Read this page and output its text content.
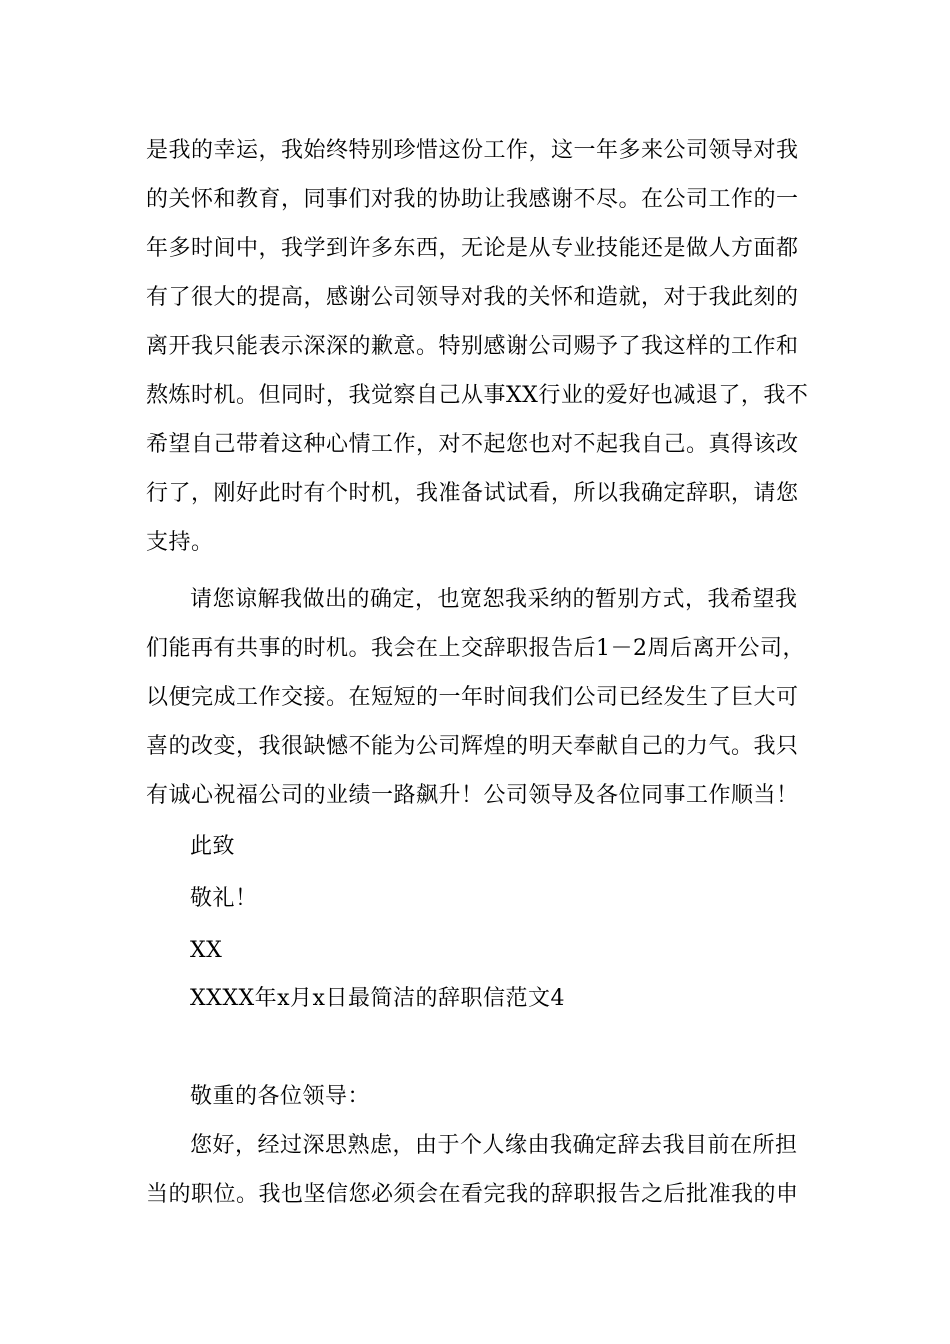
是我的幸运，我始终特别珍惜这份工作，这一年多来公司领导对我
的关怀和教育，同事们对我的协助让我感谢不尽。在公司工作的一
年多时间中，我学到许多东西，无论是从专业技能还是做人方面都
有了很大的提高，感谢公司领导对我的关怀和造就，对于我此刻的
离开我只能表示深深的歉意。特别感谢公司赐予了我这样的工作和
熬炼时机。但同时，我觉察自己从事XX行业的爱好也减退了，我不
希望自己带着这种心情工作，对不起您也对不起我自己。真得该改
行了，刚好此时有个时机，我准备试试看，所以我确定辞职，请您
支持。
请您谅解我做出的确定，也宽恕我采纳的暂别方式，我希望我
们能再有共事的时机。我会在上交辞职报告后1－2周后离开公司，
以便完成工作交接。在短短的一年时间我们公司已经发生了巨大可
喜的改变，我很缺憾不能为公司辉煌的明天奉献自己的力气。我只
有诚心祝福公司的业绩一路飙升！公司领导及各位同事工作顺当！
此致
敬礼！
XX
XXXX年x月x日最简洁的辞职信范文4
敬重的各位领导：
您好，经过深思熟虑，由于个人缘由我确定辞去我目前在所担
当的职位。我也坚信您必须会在看完我的辞职报告之后批准我的申
